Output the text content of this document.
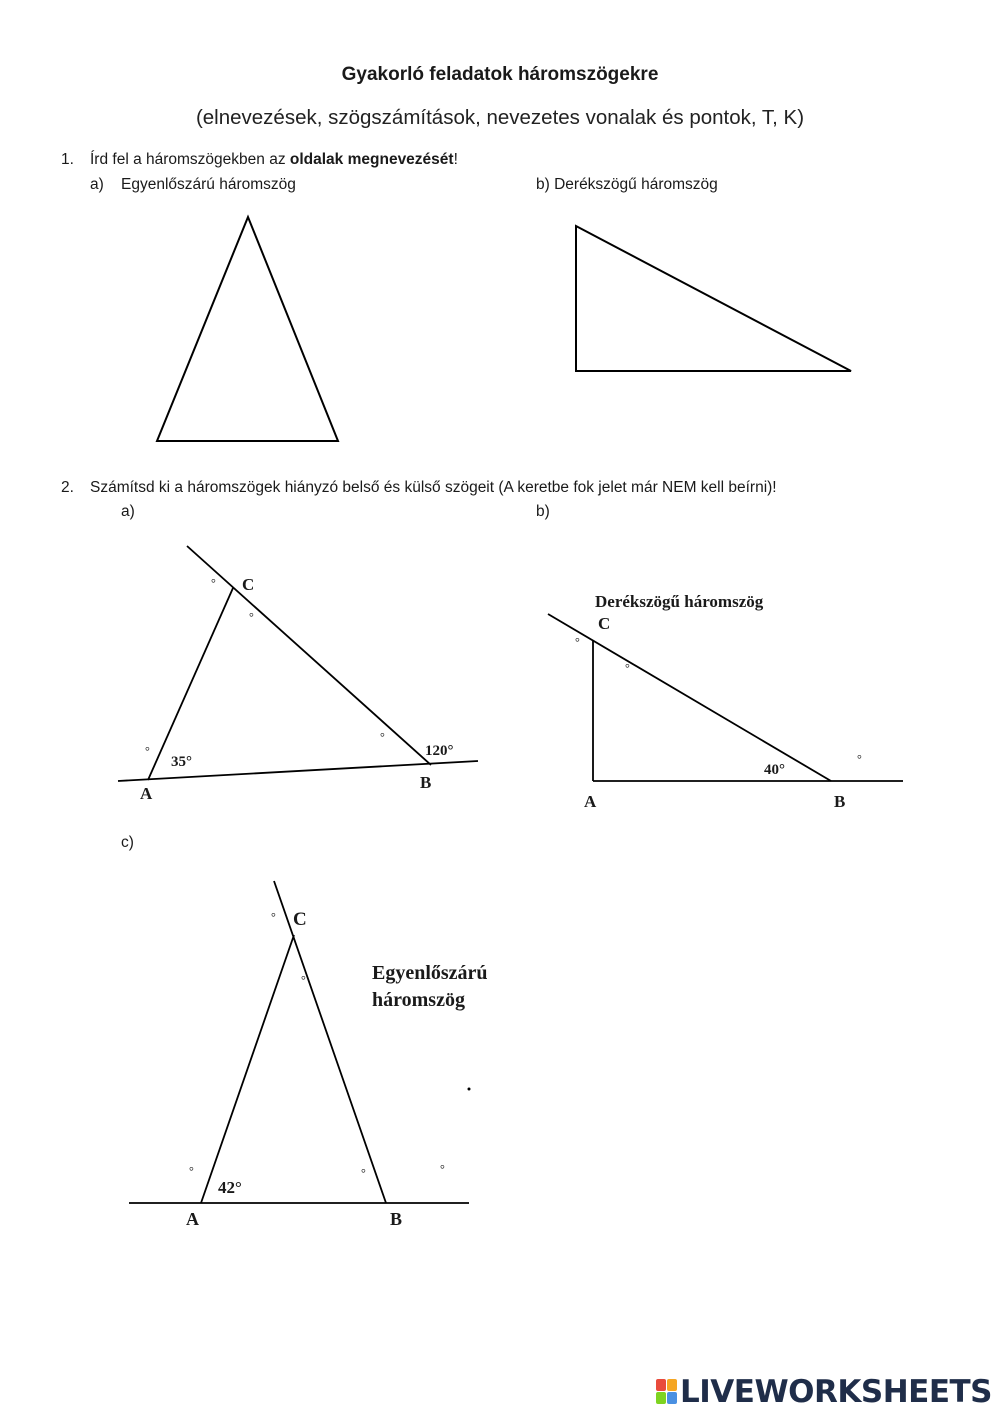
Gyakorló feladatok háromszögekre
(elnevezések, szögszámítások, nevezetes vonalak és pontok, T, K)
1. Írd fel a háromszögekben az oldalak megnevezését!
a) Egyenlőszárú háromszög	b) Derékszögű háromszög
2. Számítsd ki a háromszögek hiányzó belső és külső szögeit (A keretbe fok jelet már NEM kell beírni)!
a)	b)
c)
C
A
B
35°
120°
°
°
°
°
Derékszögű háromszög
C
A	B
40°
°
°
°
Egyenlőszárú
háromszög
C
A	B
42°
°
°
°	°	°
LIVEWORKSHEETS
